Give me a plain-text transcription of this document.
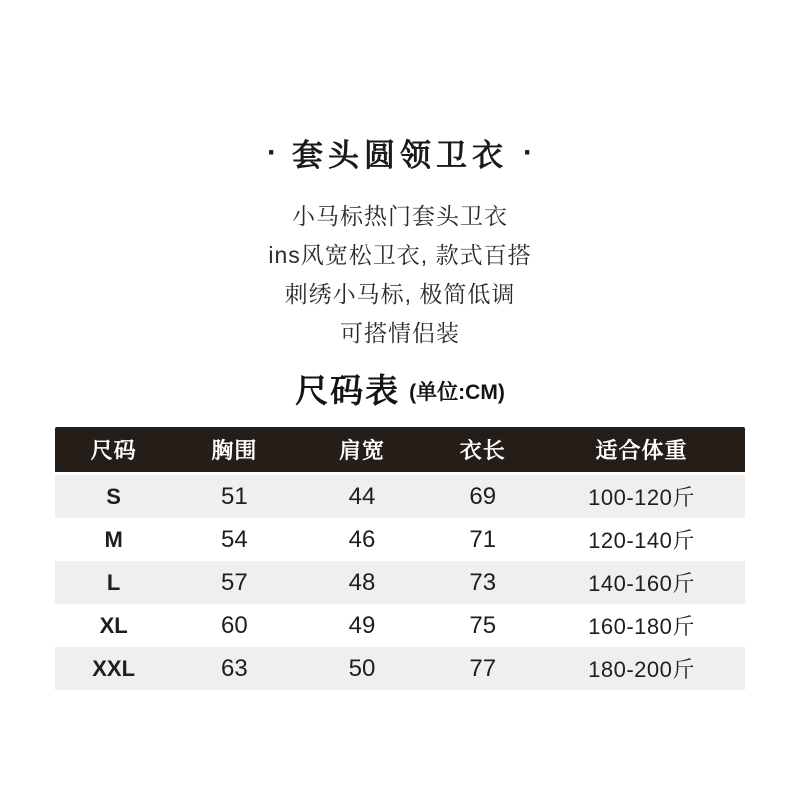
· 套头圆领卫衣 ·

小马标热门套头卫衣

ins风宽松卫衣, 款式百搭

刺绣小马标, 极简低调

可搭情侣装

尺码表 (单位:CM)
尺码	胸围	肩宽	衣长	适合体重
S	51	44	69	100-120斤
M	54	46	71	120-140斤
L	57	48	73	140-160斤
XL	60	49	75	160-180斤
XXL	63	50	77	180-200斤
